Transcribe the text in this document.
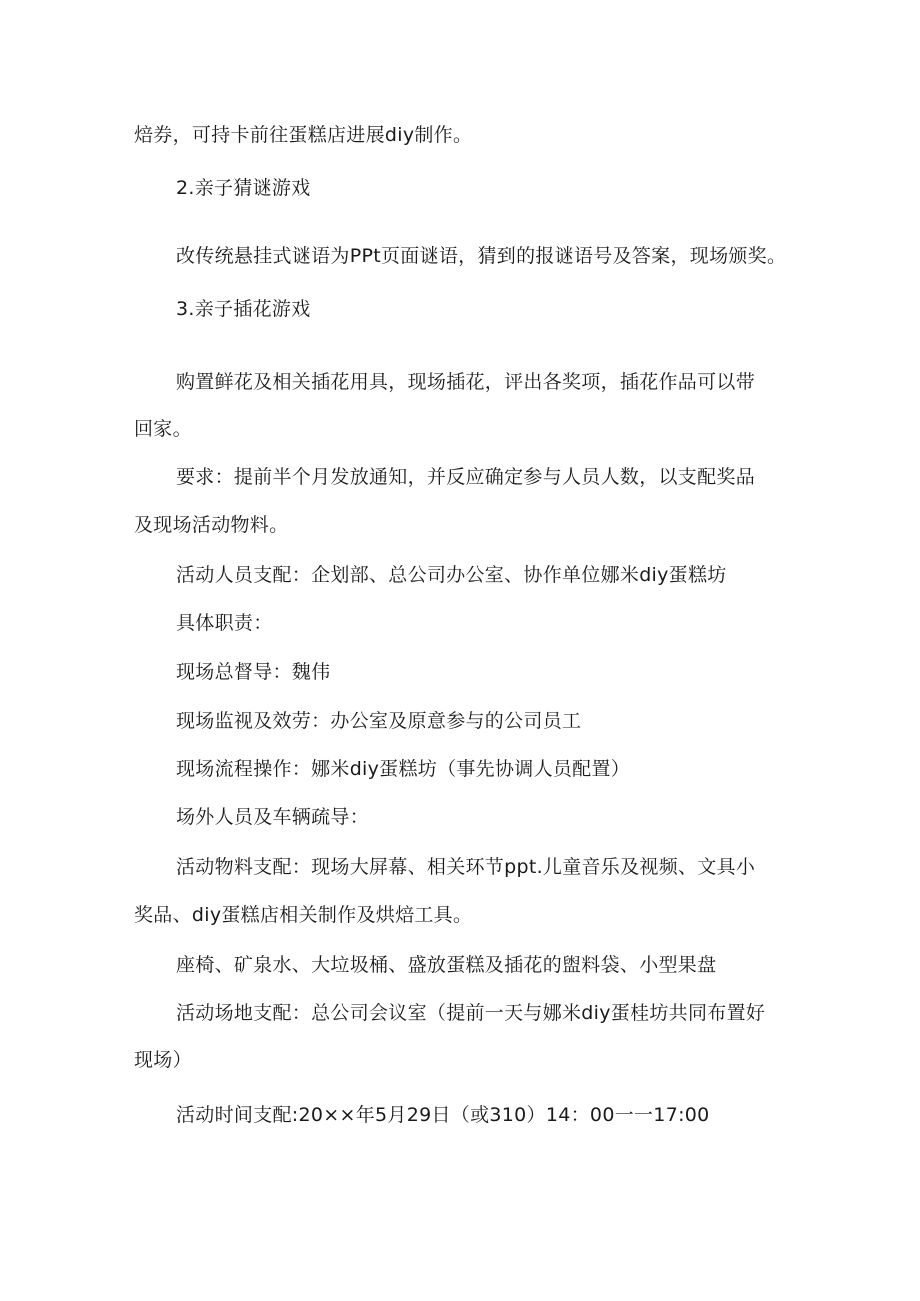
焙券，可持卡前往蛋糕店进展diy制作。
2.亲子猜谜游戏
改传统悬挂式谜语为PPt页面谜语，猜到的报谜语号及答案，现场颁奖。
3.亲子插花游戏
购置鲜花及相关插花用具，现场插花，评出各奖项，插花作品可以带
回家。
要求：提前半个月发放通知，并反应确定参与人员人数，以支配奖品
及现场活动物料。
活动人员支配：企划部、总公司办公室、协作单位娜米diy蛋糕坊
具体职责：
现场总督导：魏伟
现场监视及效劳：办公室及原意参与的公司员工
现场流程操作：娜米diy蛋糕坊（事先协调人员配置）
场外人员及车辆疏导：
活动物料支配：现场大屏幕、相关环节ppt.儿童音乐及视频、文具小
奖品、diy蛋糕店相关制作及烘焙工具。
座椅、矿泉水、大垃圾桶、盛放蛋糕及插花的盥料袋、小型果盘
活动场地支配：总公司会议室（提前一天与娜米diy蛋桂坊共同布置好
现场）
活动时间支配:20××年5月29日（或310）14：00一一17:00
